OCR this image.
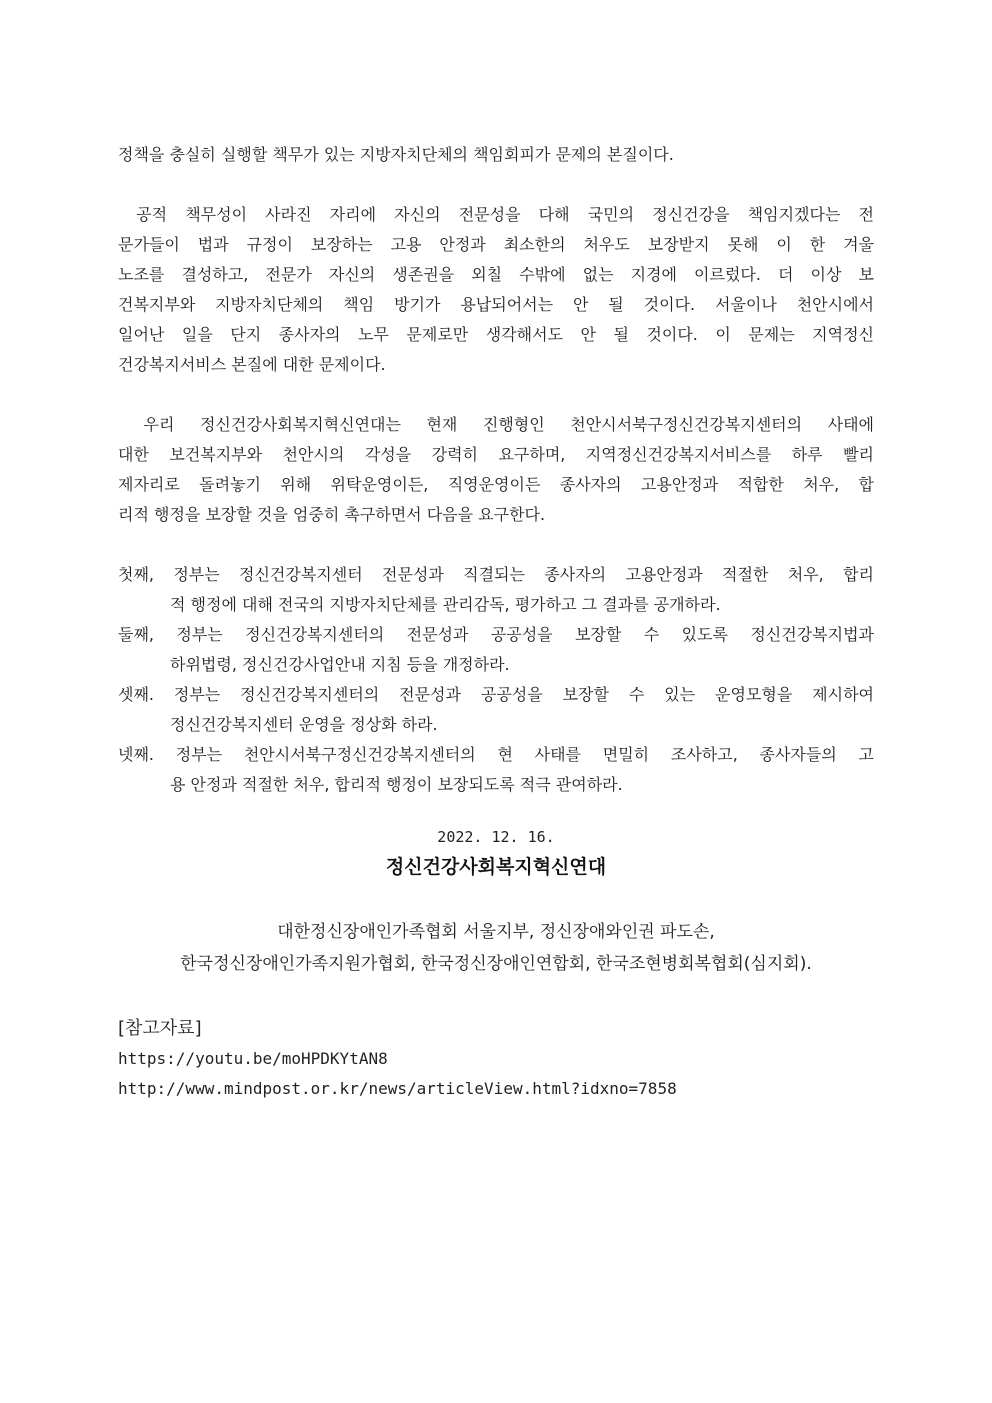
정책을 충실히 실행할 책무가 있는 지방자치단체의 책임회피가 문제의 본질이다.

공적 책무성이 사라진 자리에 자신의 전문성을 다해 국민의 정신건강을 책임지겠다는 전

문가들이 법과 규정이 보장하는 고용 안정과 최소한의 처우도 보장받지 못해 이 한 겨울

노조를 결성하고, 전문가 자신의 생존권을 외칠 수밖에 없는 지경에 이르렀다. 더 이상 보

건복지부와 지방자치단체의 책임 방기가 용납되어서는 안 될 것이다. 서울이나 천안시에서

일어난 일을 단지 종사자의 노무 문제로만 생각해서도 안 될 것이다. 이 문제는 지역정신

건강복지서비스 본질에 대한 문제이다.

우리 정신건강사회복지혁신연대는 현재 진행형인 천안시서북구정신건강복지센터의 사태에

대한 보건복지부와 천안시의 각성을 강력히 요구하며, 지역정신건강복지서비스를 하루 빨리

제자리로 돌려놓기 위해 위탁운영이든, 직영운영이든 종사자의 고용안정과 적합한 처우, 합

리적 행정을 보장할 것을 엄중히 촉구하면서 다음을 요구한다.

첫째, 정부는 정신건강복지센터 전문성과 직결되는 종사자의 고용안정과 적절한 처우, 합리

적 행정에 대해 전국의 지방자치단체를 관리감독, 평가하고 그 결과를 공개하라.

둘째, 정부는 정신건강복지센터의 전문성과 공공성을 보장할 수 있도록 정신건강복지법과

하위법령, 정신건강사업안내 지침 등을 개정하라.

셋째. 정부는 정신건강복지센터의 전문성과 공공성을 보장할 수 있는 운영모형을 제시하여

정신건강복지센터 운영을 정상화 하라.

넷째. 정부는 천안시서북구정신건강복지센터의 현 사태를 면밀히 조사하고, 종사자들의 고

용 안정과 적절한 처우, 합리적 행정이 보장되도록 적극 관여하라.

2022. 12. 16.
정신건강사회복지혁신연대

대한정신장애인가족협회 서울지부, 정신장애와인권 파도손,

한국정신장애인가족지원가협회, 한국정신장애인연합회, 한국조현병회복협회(심지회).

[참고자료]

https://youtu.be/moHPDKYtAN8

http://www.mindpost.or.kr/news/articleView.html?idxno=7858
